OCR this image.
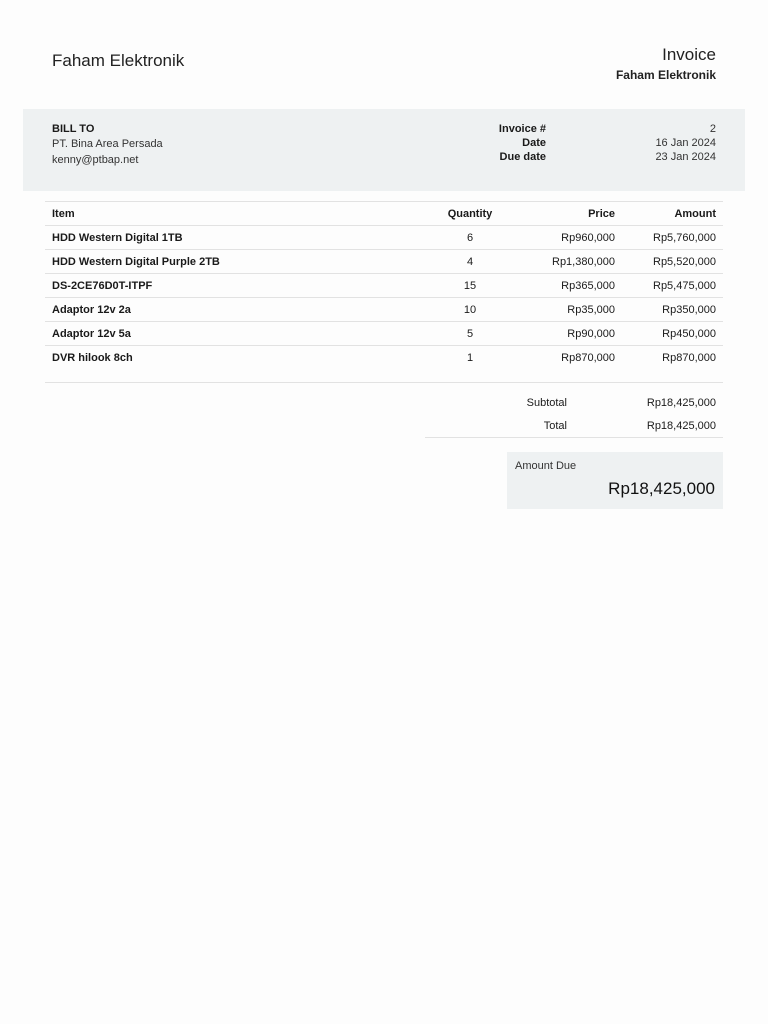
Faham Elektronik	Invoice
Faham Elektronik
BILL TO
PT. Bina Area Persada
kenny@ptbap.net
Invoice #	2
Date	16 Jan 2024
Due date	23 Jan 2024
Item	Quantity	Price	Amount
HDD Western Digital 1TB	6	Rp960,000	Rp5,760,000
HDD Western Digital Purple 2TB	4	Rp1,380,000	Rp5,520,000
DS-2CE76D0T-ITPF	15	Rp365,000	Rp5,475,000
Adaptor 12v 2a	10	Rp35,000	Rp350,000
Adaptor 12v 5a	5	Rp90,000	Rp450,000
DVR hilook 8ch	1	Rp870,000	Rp870,000
Subtotal	Rp18,425,000
Total	Rp18,425,000
Amount Due
Rp18,425,000
